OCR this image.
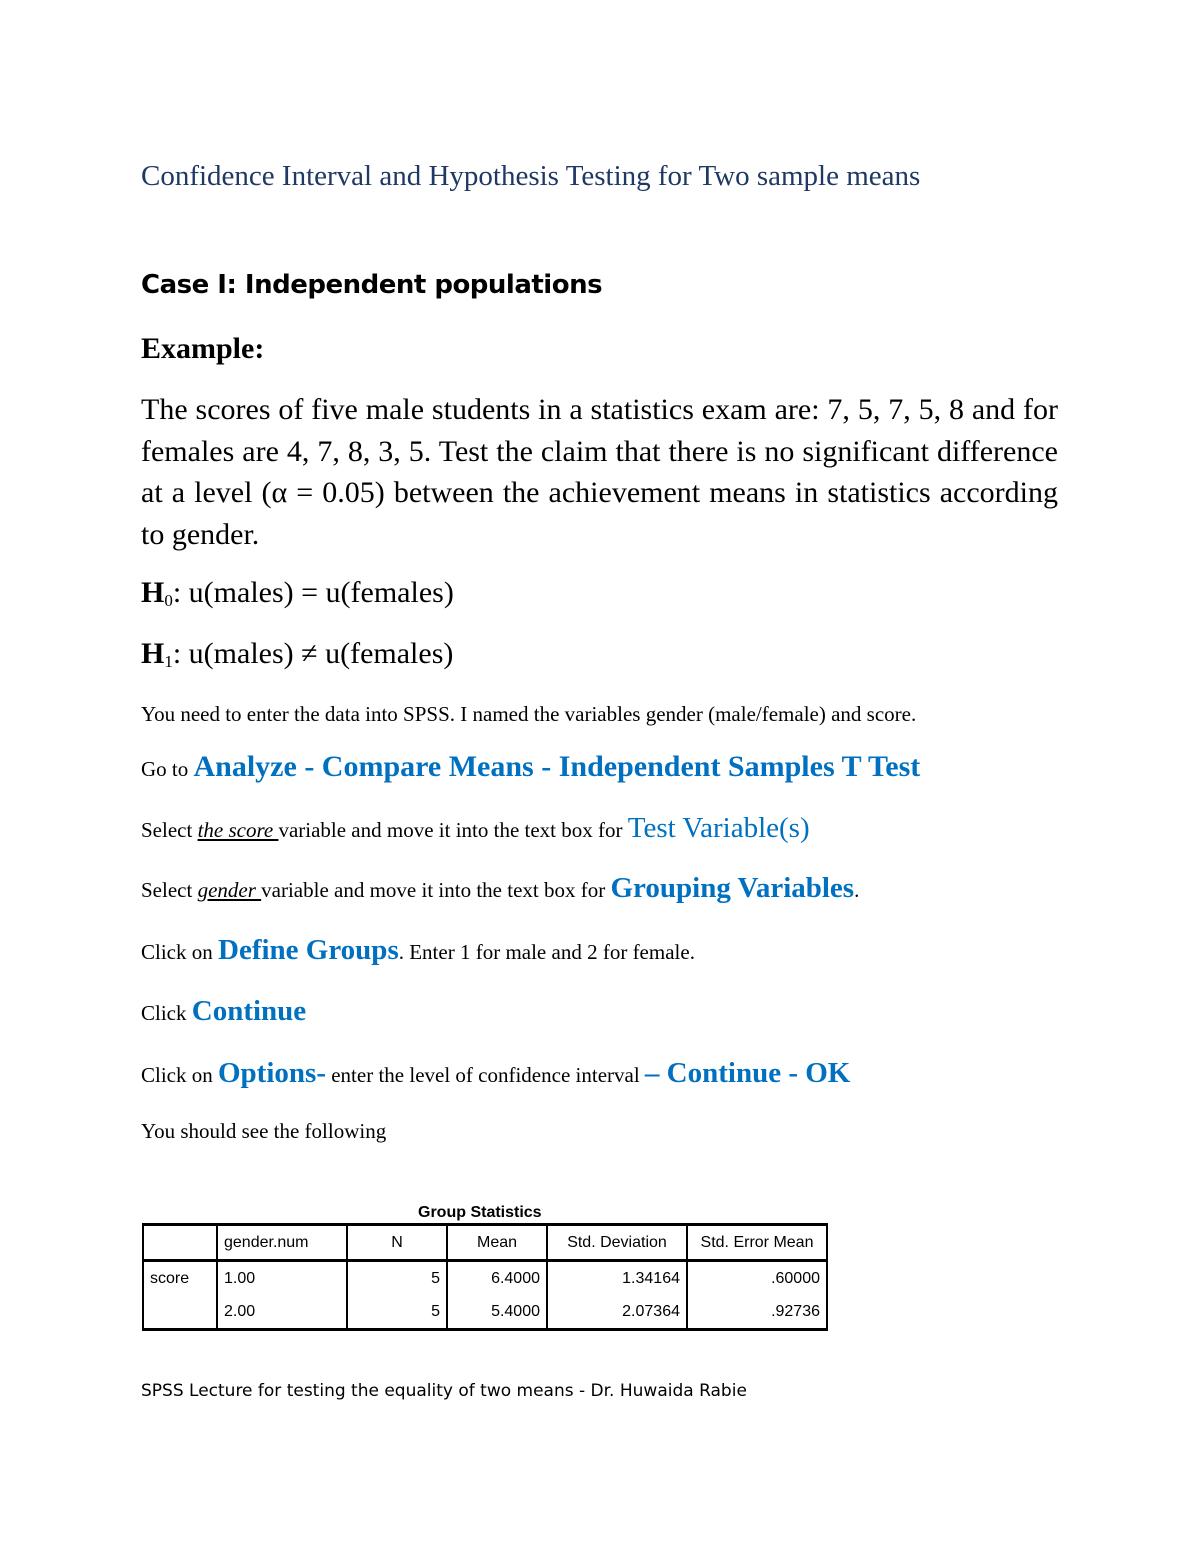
Confidence Interval and Hypothesis Testing for Two sample means
Case I: Independent populations
Example:
The scores of five male students in a statistics exam are: 7, 5, 7, 5, 8 and for females are 4, 7, 8, 3, 5. Test the claim that there is no significant difference at a level (α = 0.05) between the achievement means in statistics according to gender.
$H_0$: u(males) = u(females)
$H_1$: u(males) ≠ u(females)
You need to enter the data into SPSS. I named the variables gender (male/female) and score.
Go to Analyze - Compare Means - Independent Samples T Test
Select the score variable and move it into the text box for Test Variable(s)
Select gender variable and move it into the text box for Grouping Variables.
Click on Define Groups. Enter 1 for male and 2 for female.
Click Continue
Click on Options- enter the level of confidence interval – Continue - OK
You should see the following
Group Statistics
	gender.num	N	Mean	Std. Deviation	Std. Error Mean
score	1.00	5	6.4000	1.34164	.60000
	2.00	5	5.4000	2.07364	.92736
SPSS Lecture for testing the equality of two means - Dr. Huwaida Rabie
